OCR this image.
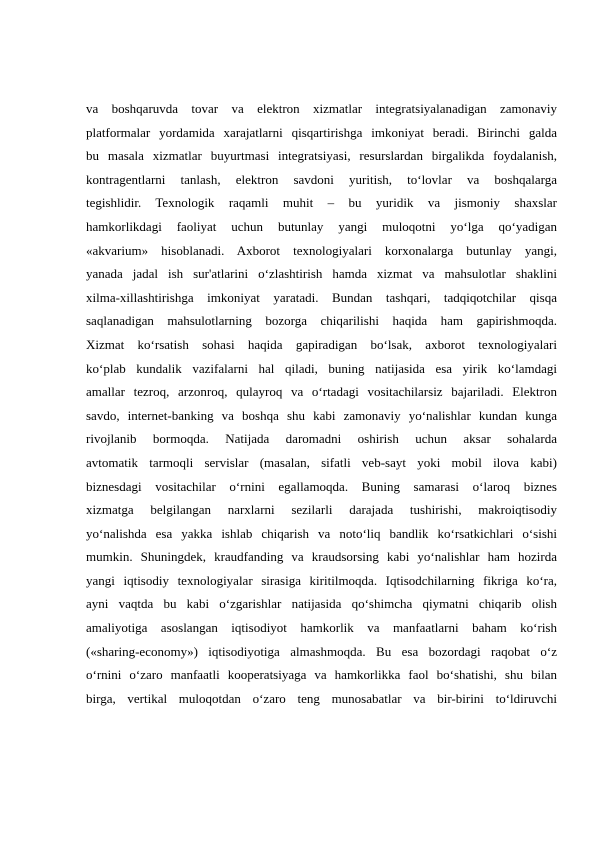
va boshqaruvda tovar va elektron xizmatlar integratsiyalanadigan zamonaviy
platformalar yordamida xarajatlarni qisqartirishga imkoniyat beradi. Birinchi galda
bu masala xizmatlar buyurtmasi integratsiyasi, resurslardan birgalikda foydalanish,
kontragentlarni tanlash, elektron savdoni yuritish, to‘lovlar va boshqalarga
tegishlidir. Texnologik raqamli muhit – bu yuridik va jismoniy shaxslar
hamkorlikdagi faoliyat uchun butunlay yangi muloqotni yo‘lga qo‘yadigan
«akvarium» hisoblanadi. Axborot texnologiyalari korxonalarga butunlay yangi,
yanada jadal ish sur'atlarini o‘zlashtirish hamda xizmat va mahsulotlar shaklini
xilma-xillashtirishga imkoniyat yaratadi. Bundan tashqari, tadqiqotchilar qisqa
saqlanadigan mahsulotlarning bozorga chiqarilishi haqida ham gapirishmoqda.
Xizmat ko‘rsatish sohasi haqida gapiradigan bo‘lsak, axborot texnologiyalari
ko‘plab kundalik vazifalarni hal qiladi, buning natijasida esa yirik ko‘lamdagi
amallar tezroq, arzonroq, qulayroq va o‘rtadagi vositachilarsiz bajariladi. Elektron
savdo, internet-banking va boshqa shu kabi zamonaviy yo‘nalishlar kundan kunga
rivojlanib bormoqda. Natijada daromadni oshirish uchun aksar sohalarda
avtomatik tarmoqli servislar (masalan, sifatli veb-sayt yoki mobil ilova kabi)
biznesdagi vositachilar o‘rnini egallamoqda. Buning samarasi o‘laroq biznes
xizmatga belgilangan narxlarni sezilarli darajada tushirishi, makroiqtisodiy
yo‘nalishda esa yakka ishlab chiqarish va noto‘liq bandlik ko‘rsatkichlari o‘sishi
mumkin. Shuningdek, kraudfanding va kraudsorsing kabi yo‘nalishlar ham hozirda
yangi iqtisodiy texnologiyalar sirasiga kiritilmoqda. Iqtisodchilarning fikriga ko‘ra,
ayni vaqtda bu kabi o‘zgarishlar natijasida qo‘shimcha qiymatni chiqarib olish
amaliyotiga asoslangan iqtisodiyot hamkorlik va manfaatlarni baham ko‘rish
(«sharing-economy») iqtisodiyotiga almashmoqda. Bu esa bozordagi raqobat o‘z
o‘rnini o‘zaro manfaatli kooperatsiyaga va hamkorlikka faol bo‘shatishi, shu bilan
birga, vertikal muloqotdan o‘zaro teng munosabatlar va bir-birini to‘ldiruvchi
